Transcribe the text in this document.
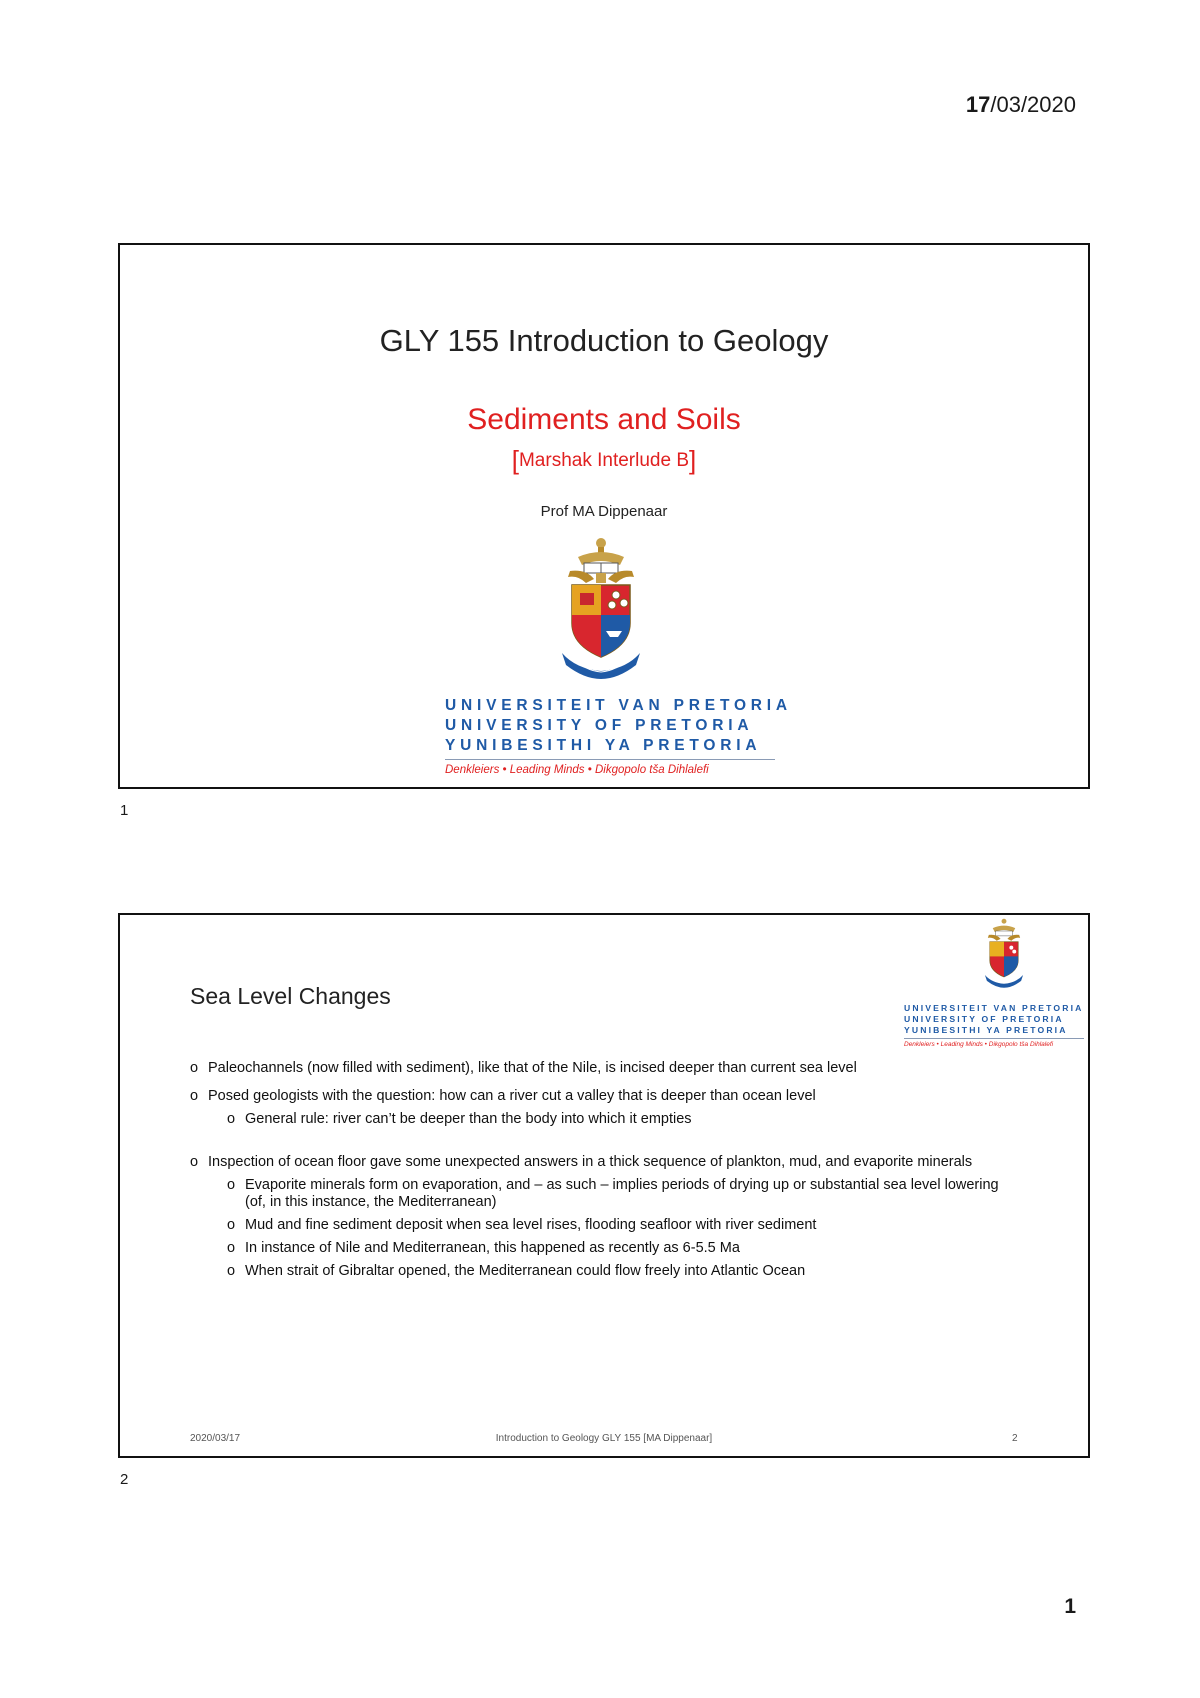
17/03/2020
GLY 155 Introduction to Geology
Sediments and Soils
[Marshak Interlude B]
Prof MA Dippenaar
UNIVERSITEIT VAN PRETORIA
UNIVERSITY OF PRETORIA
YUNIBESITHI YA PRETORIA
Denkleiers • Leading Minds • Dikgopolo tša Dihlalefi
1
Sea Level Changes	UNIVERSITEIT VAN PRETORIA
UNIVERSITY OF PRETORIA
YUNIBESITHI YA PRETORIA
Denkleiers • Leading Minds • Dikgopolo tša Dihlalefi
o Paleochannels (now filled with sediment), like that of the Nile, is incised deeper than current sea level
o Posed geologists with the question: how can a river cut a valley that is deeper than ocean level
o General rule: river can’t be deeper than the body into which it empties
o Inspection of ocean floor gave some unexpected answers in a thick sequence of plankton, mud, and evaporite minerals
o Evaporite minerals form on evaporation, and – as such – implies periods of drying up or substantial sea level lowering (of, in this instance, the Mediterranean)
o Mud and fine sediment deposit when sea level rises, flooding seafloor with river sediment
o In instance of Nile and Mediterranean, this happened as recently as 6-5.5 Ma
o When strait of Gibraltar opened, the Mediterranean could flow freely into Atlantic Ocean
Introduction to Geology GLY 155 [MA Dippenaar]
2020/03/17	2
2
1
